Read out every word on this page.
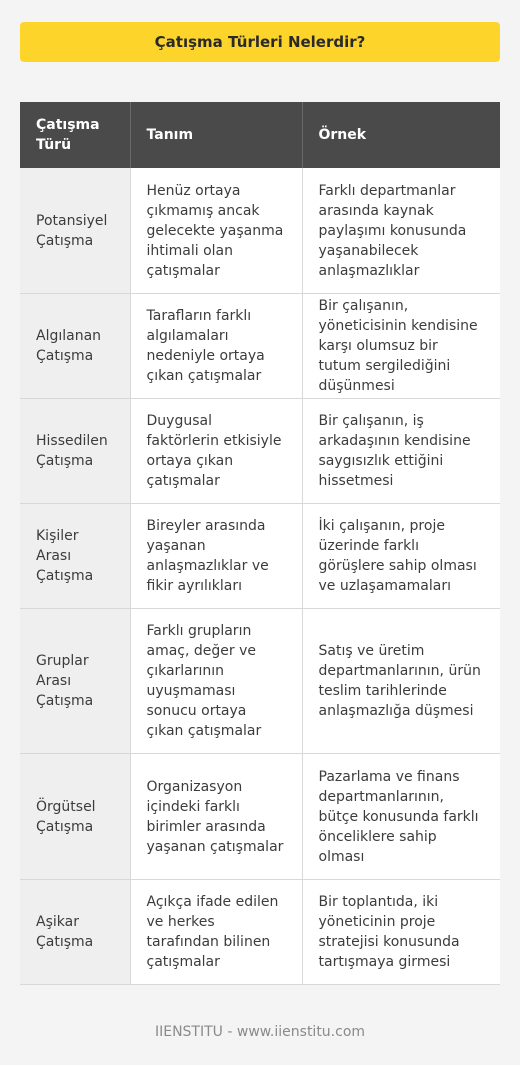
Çatışma Türleri Nelerdir?
Çatışma Türü	Tanım	Örnek
Potansiyel Çatışma	Henüz ortaya çıkmamış ancak gelecekte yaşanma ihtimali olan çatışmalar	Farklı departmanlar arasında kaynak paylaşımı konusunda yaşanabilecek anlaşmazlıklar
Algılanan Çatışma	Tarafların farklı algılamaları nedeniyle ortaya çıkan çatışmalar	Bir çalışanın, yöneticisinin kendisine karşı olumsuz bir tutum sergilediğini düşünmesi
Hissedilen Çatışma	Duygusal faktörlerin etkisiyle ortaya çıkan çatışmalar	Bir çalışanın, iş arkadaşının kendisine saygısızlık ettiğini hissetmesi
Kişiler Arası Çatışma	Bireyler arasında yaşanan anlaşmazlıklar ve fikir ayrılıkları	İki çalışanın, proje üzerinde farklı görüşlere sahip olması ve uzlaşamamaları
Gruplar Arası Çatışma	Farklı grupların amaç, değer ve çıkarlarının uyuşmaması sonucu ortaya çıkan çatışmalar	Satış ve üretim departmanlarının, ürün teslim tarihlerinde anlaşmazlığa düşmesi
Örgütsel Çatışma	Organizasyon içindeki farklı birimler arasında yaşanan çatışmalar	Pazarlama ve finans departmanlarının, bütçe konusunda farklı önceliklere sahip olması
Aşikar Çatışma	Açıkça ifade edilen ve herkes tarafından bilinen çatışmalar	Bir toplantıda, iki yöneticinin proje stratejisi konusunda tartışmaya girmesi
IIENSTITU - www.iienstitu.com
